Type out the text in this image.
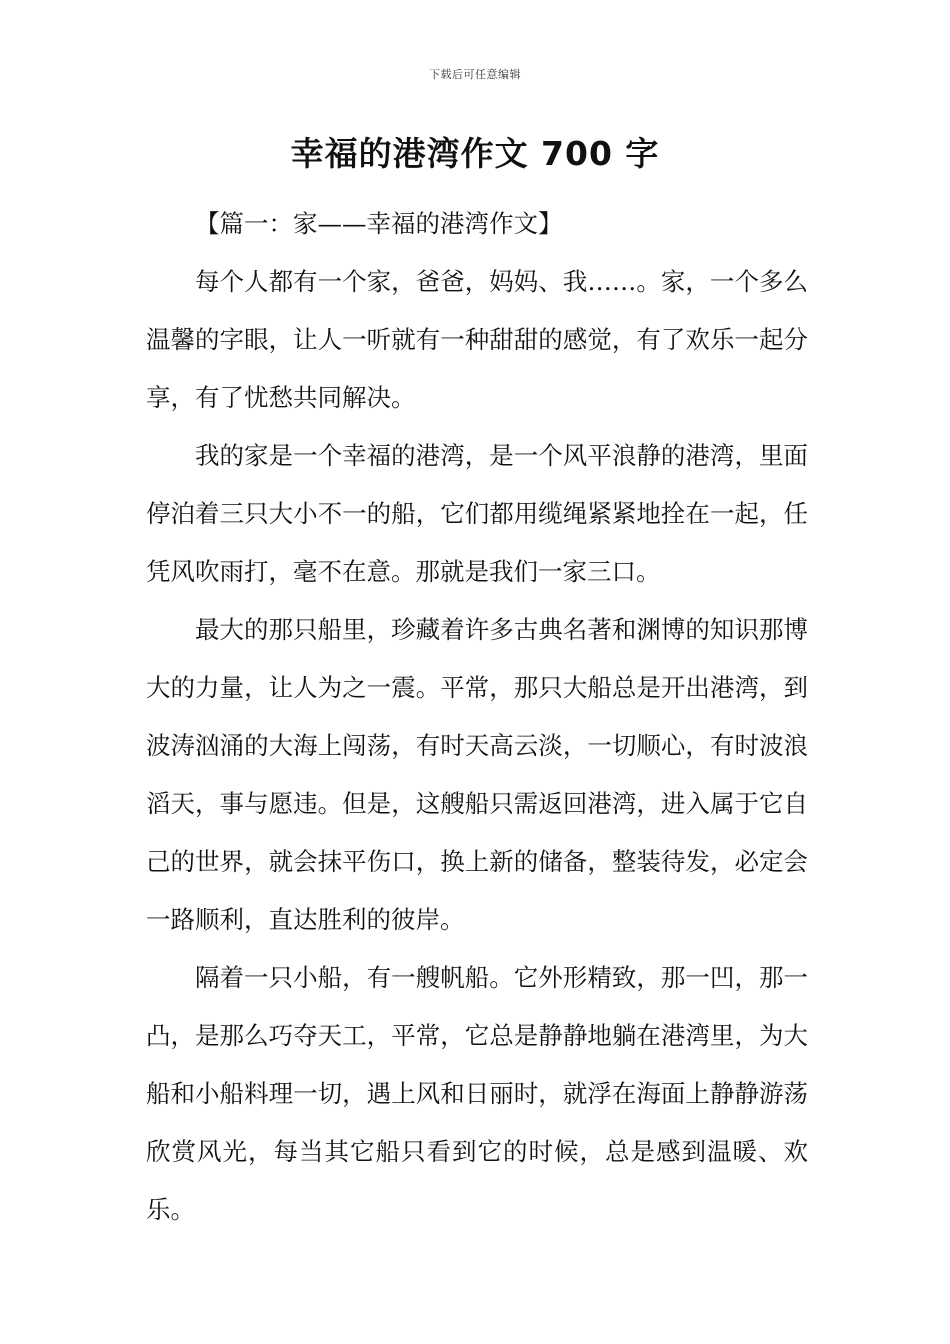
下载后可任意编辑
幸福的港湾作文 700 字

【篇一：家——幸福的港湾作文】

每个人都有一个家，爸爸，妈妈、我……。家，一个多么温馨的字眼，让人一听就有一种甜甜的感觉，有了欢乐一起分享，有了忧愁共同解决。

我的家是一个幸福的港湾，是一个风平浪静的港湾，里面停泊着三只大小不一的船，它们都用缆绳紧紧地拴在一起，任凭风吹雨打，毫不在意。那就是我们一家三口。

最大的那只船里，珍藏着许多古典名著和渊博的知识那博大的力量，让人为之一震。平常，那只大船总是开出港湾，到波涛汹涌的大海上闯荡，有时天高云淡，一切顺心，有时波浪滔天，事与愿违。但是，这艘船只需返回港湾，进入属于它自己的世界，就会抹平伤口，换上新的储备，整装待发，必定会一路顺利，直达胜利的彼岸。

隔着一只小船，有一艘帆船。它外形精致，那一凹，那一凸，是那么巧夺天工，平常，它总是静静地躺在港湾里，为大船和小船料理一切，遇上风和日丽时，就浮在海面上静静游荡欣赏风光，每当其它船只看到它的时候，总是感到温暖、欢乐。
